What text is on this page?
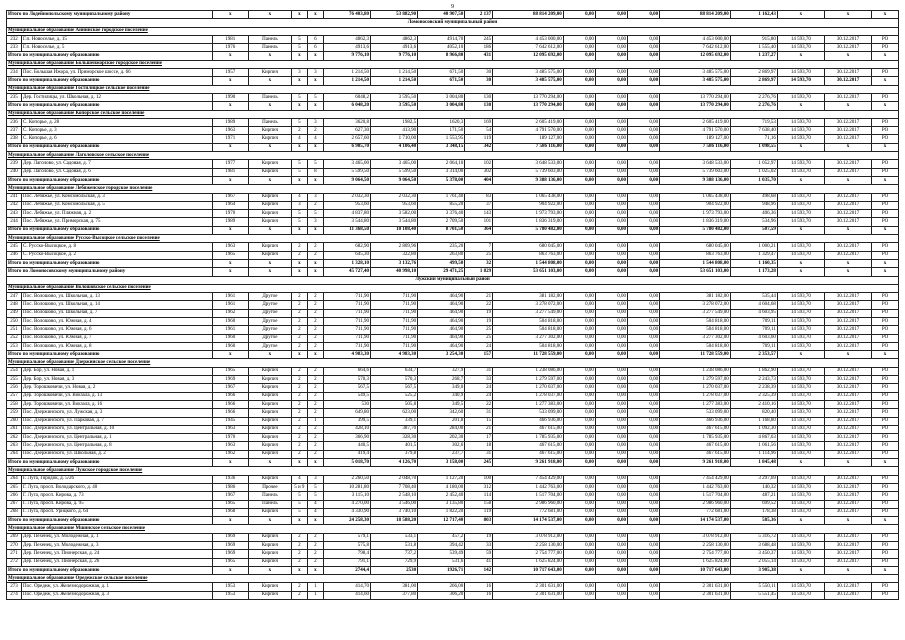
9
Итого по Лодейнопольскому муниципальному району		x	x	x	x	76 403,80	53 882,90	40 907,50	2 137	88 814 209,00	0,00	0,00	0,00	88 814 209,00	1 162,43	x	x	x
Ломоносовский муниципальный район																		
Муниципальное образование Аннинское городское поселение																		
232	Г.п. Новоселье, д. 15	1981	Панель	5	6	4862,3	4862,3	4914,70	245	4 453 000,00	0,00	0,00	0,00	4 453 000,00	915,80	14 593,70	30.12.2017	РО
233	Г.п. Новоселье, д. 5	1976	Панель	5	6	4913,6	4913,6	4052,10	186	7 642 612,00	0,00	0,00	0,00	7 642 612,00	1 555,40	14 593,70	30.12.2017	РО
Итого по муниципальному образованию		x	x	x	x	9 776,10	9 776,10	8 966,80	431	12 095 692,00	0,00	0,00	0,00	12 095 692,00	1 237,27	x	x	x
Муниципальное образование Большеижорское городское поселение																		
234	Пос. Большая Ижора, ул. Приморское шоссе, д. 66	1957	Кирпич	3	3	1 214,50	1 214,50	671,50	30	3 485 575,00	0,00	0,00	0,00	3 485 575,00	2 869,97	14 593,70	30.12.2017	РО
Итого по муниципальному образованию		x	x	x	x	1 214,50	1 214,50	671,50	30	3 485 575,00	0,00	0,00	0,00	3 485 575,00	2 869,97	14 593,70	30.12.2017	x
Муниципальное образование Гостилицкое сельское поселение																		
235	Дер. Гостилицы, ул. Школьная, д. 12	1990	Панель	5	5	6048,2	3 595,50	3 004,80	130	13 770 294,00	0,00	0,00	0,00	13 770 294,00	2 276,76	14 593,70	30.12.2017	РО
Итого по муниципальному образованию		x	x	x	x	6 048,20	3 595,50	3 004,80	130	13 770 294,00	0,00	0,00	0,00	13 770 294,00	2 276,76	x	x	x
Муниципальное образование Копорское сельское поселение																		
236	С. Копорье, д. 28	1989	Панель	5	3	3620,8	1982,5	1620,3	169	2 605 419,00	0,00	0,00	0,00	2 605 419,00	719,53	14 593,70	30.12.2017	РО
237	С. Копорье, д. 3	1963	Кирпич	2	2	627,30	413,90	171,50	54	4 791 570,00	0,00	0,00	0,00	4 791 570,00	7 638,40	14 593,70	30.12.2017	РО
238	С. Копорье, д. 6	1971	Кирпич	4	4	2 657,60	1 710,00	1 553,95	119	189 127,00	0,00	0,00	0,00	189 127,00	71,16	14 593,70	30.12.2017	РО
Итого по муниципальному образованию		x	x	x	x	6 905,70	4 106,40	3 348,15	342	7 586 116,00	0,00	0,00	0,00	7 586 116,00	1 098,55	x	x	x
Муниципальное образование Лаголовское сельское поселение																		
239	Дер. Лаголово, ул. Садовая, д. 7	1977	Кирпич	5	5	3 465,00	3 465,00	2 064,10	102	3 648 533,00	0,00	0,00	0,00	3 648 533,00	1 052,97	14 593,70	30.12.2017	РО
240	Дер. Лаголово, ул. Садовая, д. 6	1981	Кирпич	5	8	5 599,50	5 599,50	3 314,00	302	5 739 603,00	0,00	0,00	0,00	5 739 603,00	1 025,02	14 593,70	30.12.2017	РО
Итого по муниципальному образованию		x	x	x	x	9 064,50	9 064,50	5 378,00	404	9 388 136,00	0,00	0,00	0,00	9 388 136,00	1 035,70	x	x	x
Муниципальное образование Лебяженское городское поселение																		
241	Пос. Лебяжье, ул. Комсомольская, д. 3	1967	Кирпич	4	3	2 032,30	2 032,30	1 761,40	83	1 065 438,00	0,00	0,00	0,00	1 065 438,00	498,68	14 593,70	30.12.2017	РО
242	Пос. Лебяжье, ул. Комсомольская, д. 5	1964	Кирпич	3	2	953,60	953,60	855,20	37	904 922,00	0,00	0,00	0,00	904 922,00	948,96	14 593,70	30.12.2017	РО
243	Пос. Лебяжье, ул. Пляжная, д. 2	1970	Кирпич	5	5	4 837,80	3 582,00	3 376,40	143	1 973 793,00	0,00	0,00	0,00	1 973 793,00	406,36	14 593,70	30.12.2017	РО
244	Пос. Лебяжье, ул. Приморская, д. 75	1989	Кирпич	5	3	3 544,80	3 544,80	2 709,50	101	1 836 319,00	0,00	0,00	0,00	1 836 319,00	534,96	14 593,70	30.12.2017	РО
Итого по муниципальному образованию		x	x	x	x	11 368,50	10 108,40	8 701,50	364	5 780 482,00	0,00	0,00	0,00	5 780 482,00	507,59	x	x	x
Муниципальное образование Русско-Высоцкое сельское поселение																		
245	С. Русско-Высоцкое, д. 8	1963	Кирпич	2	2	682,90	2 809,96	235,20	7	680 045,00	0,00	0,00	0,00	680 045,00	1 000,21	14 593,70	30.12.2017	РО
246	С. Русско-Высоцкое, д. 2	1965	Кирпич	2	2	645,30	322,80	263,80	25	863 763,00	0,00	0,00	0,00	863 763,00	1 329,47	14 593,70	30.12.2017	РО
Итого по муниципальному образованию		x	x	x	x	1 328,10	3 132,76	499,50	32	1 544 808,00	0,00	0,00	0,00	1 544 808,00	1 160,35	x	x	x
Итого по Ломоносовскому муниципальному району		x	x	x	x	45 727,40	40 998,10	29 471,25	1 829	53 651 103,00	0,00	0,00	0,00	53 651 103,00	1 173,28	x	x	x
Лужский муниципальный район																		
Муниципальное образование Волошовское сельское поселение																		
247	Пос. Волошово, ул. Школьная, д. 13	1961	Другое	2	2	711,90	711,90	464,90	21	381 182,00	0,00	0,00	0,00	381 182,00	535,44	14 593,70	30.12.2017	РО
248	Пос. Волошово, ул. Школьная, д. 14	1961	Другое	2	2	711,90	711,90	464,90	22	3 278 072,00	0,00	0,00	0,00	3 278 072,00	4 604,68	14 593,70	30.12.2017	РО
249	Пос. Волошово, ул. Школьная, д. 7	1962	Другое	2	2	711,90	711,90	464,90	19	3 277 549,00	0,00	0,00	0,00	3 277 549,00	4 603,95	14 593,70	30.12.2017	РО
250	Пос. Волошово, ул. Южная, д. 4	1960	Другое	2	2	711,90	711,90	464,90	19	504 818,00	0,00	0,00	0,00	504 818,00	709,11	14 593,70	30.12.2017	РО
251	Пос. Волошово, ул. Южная, д. 6	1961	Другое	2	2	711,90	711,90	464,90	25	504 818,00	0,00	0,00	0,00	504 818,00	709,11	14 593,70	30.12.2017	РО
252	Пос. Волошово, ул. Южная, д. 7	1960	Другое	2	2	711,90	711,90	464,90	25	3 277 302,00	0,00	0,00	0,00	3 277 302,00	4 603,60	14 593,70	30.12.2017	РО
253	Пос. Волошово, ул. Южная, д. 8	1960	Другое	2	2	711,90	711,90	464,90	24	504 818,00	0,00	0,00	0,00	504 818,00	709,11	14 593,70	30.12.2017	РО
Итого по муниципальному образованию		x	x	x	x	4 983,30	4 983,30	3 254,30	157	11 728 559,00	0,00	0,00	0,00	11 728 559,00	2 353,57	x	x	x
Муниципальное образование Дзержинское сельское поселение																		
254	Дер. Бор, ул. Новая, д. 1	1965	Кирпич	2	2	664,6	634,7	327,9	31	1 238 086,00	0,00	0,00	0,00	1 238 086,00	1 862,90	14 593,70	30.12.2017	РО
255	Дер. Бор, ул. Новая, д. 3	1969	Кирпич	2	2	570,3	570,3	268,7	33	1 279 597,00	0,00	0,00	0,00	1 279 597,00	2 243,73	14 593,70	30.12.2017	РО
256	Дер. Торошковичи, ул. Новая, д. 2	1967	Кирпич	2	2	567,5	567,5	349,0	24	1 270 037,00	0,00	0,00	0,00	1 270 037,00	2 238,39	14 593,70	30.12.2017	РО
257	Дер. Торошковичи, ул. Вокзала, д. 13	1966	Кирпич	2	2	549,5	525,2	340,9	24	1 278 037,00	0,00	0,00	0,00	1 278 037,00	2 325,39	14 593,70	30.12.2017	РО
258	Дер. Торошковичи, ул. Вокзала, д. 16	1966	Кирпич	2	2	530	505,8	349,5	22	1 277 383,00	0,00	0,00	0,00	1 277 383,00	2 410,16	14 593,70	30.12.2017	РО
259	Пос. Дзержинского, ул. Лужская, д. 3	1966	Кирпич	2	2	649,80	623,00	342,60	31	533 099,00	0,00	0,00	0,00	533 099,00	820,40	14 593,70	30.12.2017	РО
260	Пос. Дзержинского, ул. Парковая, д. 7	1945	Кирпич	2	1	399,5	339,1	201,8	15	466 936,00	0,00	0,00	0,00	466 936,00	1 168,80	14 593,70	30.12.2017	РО
261	Пос. Дзержинского, ул. Центральная, д. 10	1963	Кирпич	2	2	428,10	387,70	284,00	21	467 615,00	0,00	0,00	0,00	467 615,00	1 092,30	14 593,70	30.12.2017	РО
262	Пос. Дзержинского, ул. Центральная, д. 1	1970	Кирпич	2	2	366,90	328,30	202,30	17	1 785 935,00	0,00	0,00	0,00	1 785 935,00	4 867,63	14 593,70	30.12.2017	РО
263	Пос. Дзержинского, ул. Центральная, д. 8	1963	Кирпич	2	2	440,5	401,5	302,6	18	467 615,00	0,00	0,00	0,00	467 615,00	1 061,56	14 593,70	30.12.2017	РО
264	Пос. Дзержинского, ул. Школьная, д. 2	1962	Кирпич	2	2	419,4	379,8	237,7	31	467 615,00	0,00	0,00	0,00	467 615,00	1 114,96	14 593,70	30.12.2017	РО
Итого по муниципальному образованию		x	x	x	x	5 018,70	4 126,70	3 158,00	245	9 261 918,00	0,00	0,00	0,00	9 261 918,00	1 845,48	x	x	x
Муниципальное образование Лужское городское поселение																		
264	Г. Луга, Городок, д. 5/26	1936	Кирпич	4	3	2 260,50	2 048,70	1 127,20	100	7 454 429,00	0,00	0,00	0,00	7 454 429,00	3 297,69	14 593,70	30.12.2017	РО
265	Г. Луга, просп. Володарского, д. 40	1986	Прочее	5 и 9	5	10 281,80	7 708,40	4 180,00	312	1 442 763,00	0,00	0,00	0,00	1 442 763,00	140,32	14 593,70	30.12.2017	РО
266	Г. Луга, просп. Кирова, д. 73	1967	Панель	5	5	3 115,10	2 548,10	2 452,40	114	1 517 704,00	0,00	0,00	0,00	1 517 704,00	487,21	14 593,70	30.12.2017	РО
267	Г. Луга, просп. Кирова, д. 95	1965	Панель	5	4	4 270,00	3 546,00	3 135,80	158	2 986 960,00	0,00	0,00	0,00	2 986 960,00	699,52	14 593,70	30.12.2017	РО
268	Г. Луга, просп. Урицкого, д. 64	1968	Кирпич	5	4	4 330,90	3 740,10	1 822,20	119	772 681,00	0,00	0,00	0,00	772 681,00	178,38	14 593,70	30.12.2017	РО
Итого по муниципальному образованию		x	x	x	x	24 258,30	18 588,20	12 717,40	803	14 174 537,00	0,00	0,00	0,00	14 174 537,00	585,36	x	x	x
Муниципальное образование Мшинское сельское поселение																		
269	Дер. Пехенец, ул. Молодежная, д. 1	1969	Кирпич	2	2	579,1	533,1	457,2	19	3 078 912,00	0,00	0,00	0,00	3 078 912,00	5 316,72	14 593,70	30.12.2017	РО
270	Дер. Пехенец, ул. Молодежная, д. 3	1969	Кирпич	2	2	575,8	531,8	394,42	33	2 258 130,00	0,00	0,00	0,00	2 258 130,00	3 688,48	14 593,70	30.12.2017	РО
271	Дер. Пехенец, ул. Пионерская, д. 24	1969	Кирпич	2	2	798,4	737,2	539,49	59	2 754 777,00	0,00	0,00	0,00	2 754 777,00	3 450,37	14 593,70	30.12.2017	РО
272	Дер. Пехенец, ул. Пионерская, д. 26	1965	Кирпич	2	2	791,1	729,9	531,6	41	1 625 824,00	0,00	0,00	0,00	1 625 824,00	2 055,14	14 593,70	30.12.2017	РО
Итого по муниципальному образованию		x	x	x	x	2744,4	2530	1926,71	142	10 717 643,00	0,00	0,00	0,00	10 717 643,00	3 905,38	x	x	x
Муниципальное образование Оредежское сельское поселение																		
273	Пос. Оредеж, ул. Железнодорожная, д. 1	1953	Кирпич	2	1	414,70	381,00	266,00	16	2 301 631,00	0,00	0,00	0,00	2 301 631,00	5 550,11	14 593,70	30.12.2017	РО
274	Пос. Оредеж, ул. Железнодорожная, д. 3	1953	Кирпич	2	1	414,60	377,80	306,20	16	2 301 631,00	0,00	0,00	0,00	2 301 631,00	5 551,45	14 593,70	30.12.2017	РО
